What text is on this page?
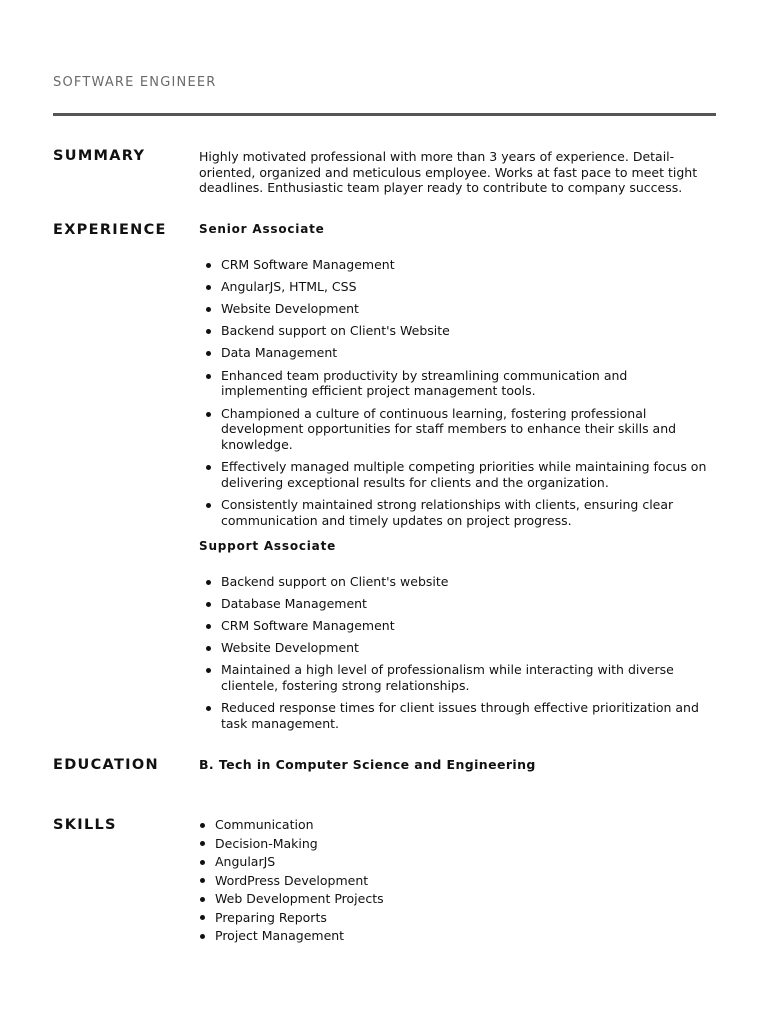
SOFTWARE ENGINEER
SUMMARY	Highly motivated professional with more than 3 years of experience. Detail-oriented, organized and meticulous employee. Works at fast pace to meet tight deadlines. Enthusiastic team player ready to contribute to company success.

EXPERIENCE	Senior Associate

CRM Software Management
AngularJS, HTML, CSS
Website Development
Backend support on Client's Website
Data Management
Enhanced team productivity by streamlining communication and implementing efficient project management tools.
Championed a culture of continuous learning, fostering professional development opportunities for staff members to enhance their skills and knowledge.
Effectively managed multiple competing priorities while maintaining focus on delivering exceptional results for clients and the organization.
Consistently maintained strong relationships with clients, ensuring clear communication and timely updates on project progress.

Support Associate

Backend support on Client's website
Database Management
CRM Software Management
Website Development
Maintained a high level of professionalism while interacting with diverse clientele, fostering strong relationships.
Reduced response times for client issues through effective prioritization and task management.
EDUCATION	B. Tech in Computer Science and Engineering

SKILLS	Communication
Decision-Making
AngularJS
WordPress Development
Web Development Projects
Preparing Reports
Project Management
